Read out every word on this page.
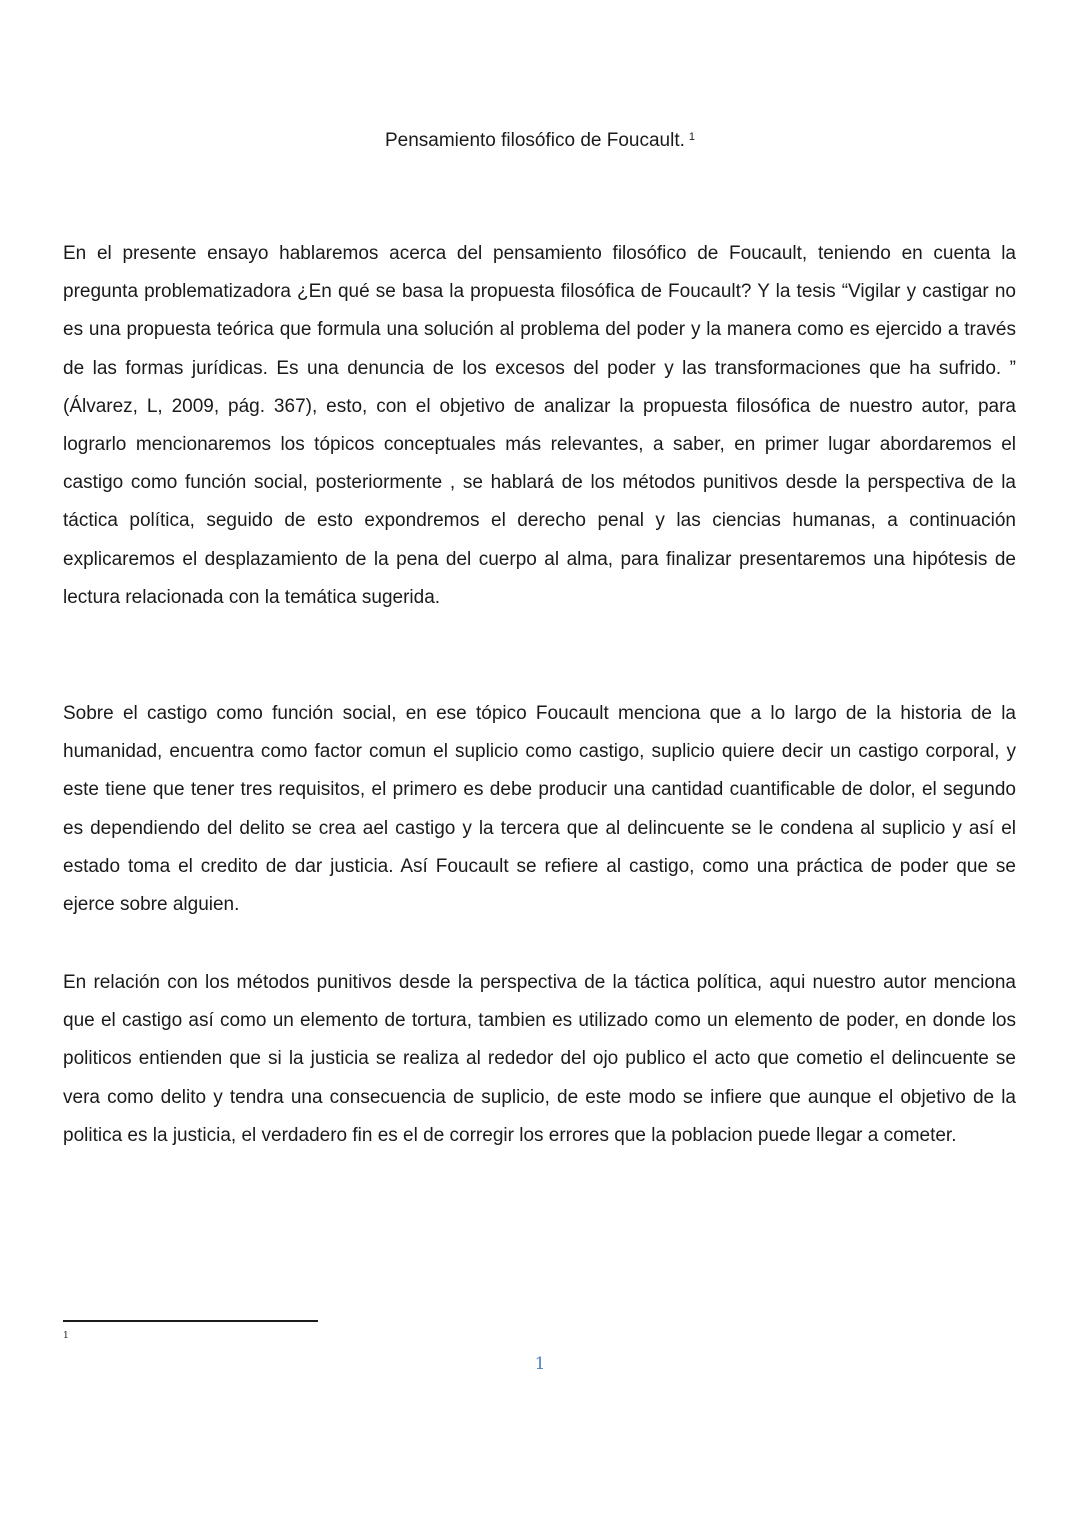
Pensamiento filosófico de Foucault. $^1$

En el presente ensayo hablaremos acerca del pensamiento filosófico de Foucault, teniendo en cuenta la pregunta problematizadora ¿En qué se basa la propuesta filosófica de Foucault? Y la tesis “Vigilar y castigar no es una propuesta teórica que formula una solución al problema del poder y la manera como es ejercido a través de las formas jurídicas. Es una denuncia de los excesos del poder y las transformaciones que ha sufrido. ” (Álvarez, L, 2009, pág. 367), esto, con el objetivo de analizar la propuesta filosófica de nuestro autor, para lograrlo mencionaremos los tópicos conceptuales más relevantes, a saber, en primer lugar abordaremos el castigo como función social, posteriormente , se hablará de los métodos punitivos desde la perspectiva de la táctica política, seguido de esto expondremos el derecho penal y las ciencias humanas, a continuación explicaremos el desplazamiento de la pena del cuerpo al alma, para finalizar presentaremos una hipótesis de lectura relacionada con la temática sugerida.

Sobre el castigo como función social, en ese tópico Foucault menciona que a lo largo de la historia de la humanidad, encuentra como factor comun el suplicio como castigo, suplicio quiere decir un castigo corporal, y este tiene que tener tres requisitos, el primero es debe producir una cantidad cuantificable de dolor, el segundo es dependiendo del delito se crea ael castigo y la tercera que al delincuente se le condena al suplicio y así el estado toma el credito de dar justicia. Así Foucault se refiere al castigo, como una práctica de poder que se ejerce sobre alguien.

En relación con los métodos punitivos desde la perspectiva de la táctica política, aqui nuestro autor menciona que el castigo así como un elemento de tortura, tambien es utilizado como un elemento de poder, en donde los politicos entienden que si la justicia se realiza al rededor del ojo publico el acto que cometio el delincuente se vera como delito y tendra una consecuencia de suplicio, de este modo se infiere que aunque el objetivo de la politica es la justicia, el verdadero fin es el de corregir los errores que la poblacion puede llegar a cometer.

1
1
